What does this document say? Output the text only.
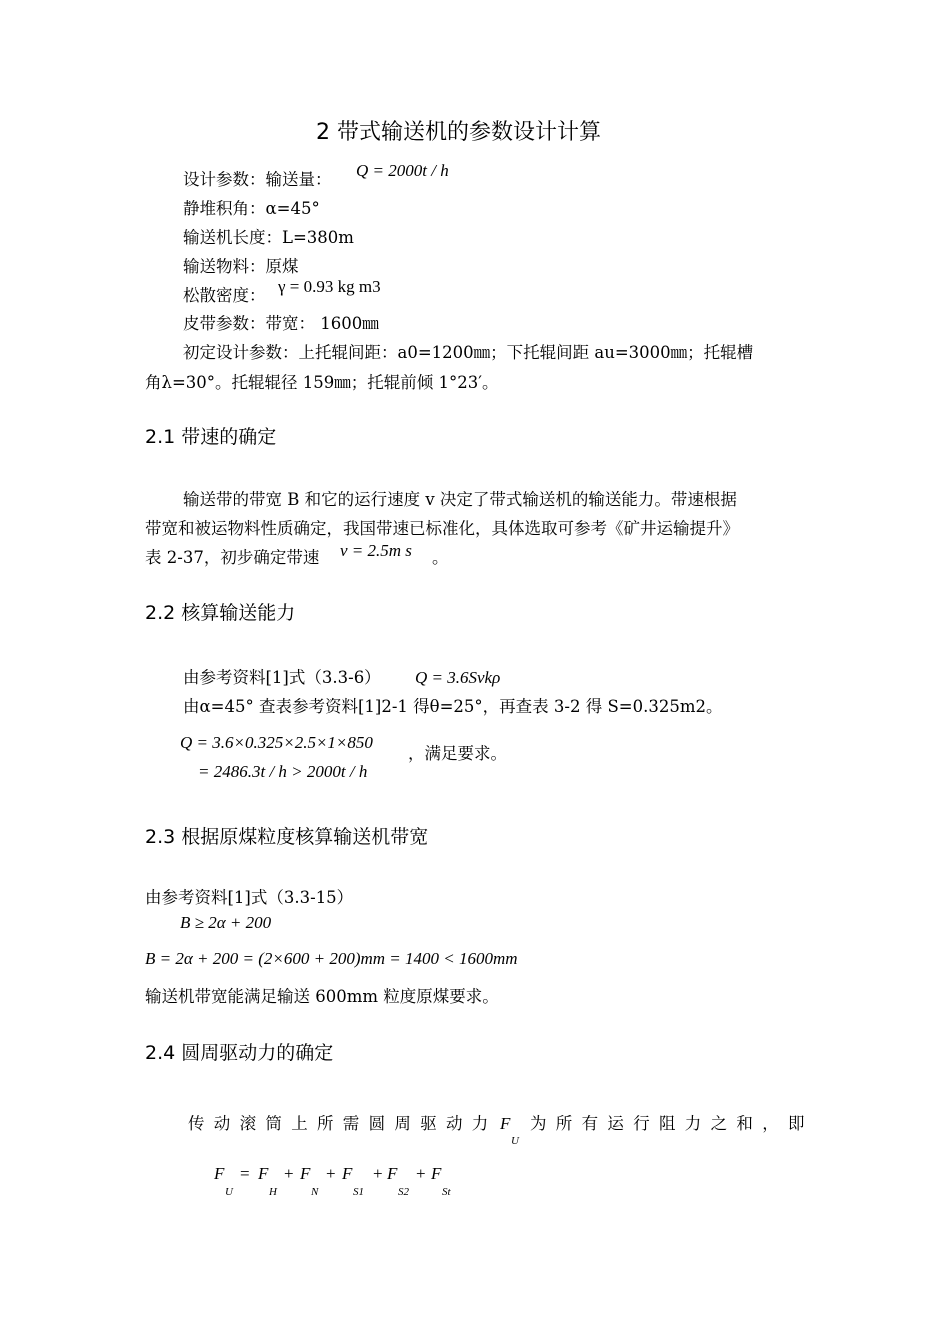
2 带式输送机的参数设计计算
设计参数：输送量： Q = 2000t / h
静堆积角：α=45°
输送机长度：L=380m
输送物料：原煤
松散密度： γ = 0.93 kg m3
皮带参数：带宽： 1600㎜
初定设计参数：上托辊间距：a0=1200㎜；下托辊间距 au=3000㎜；托辊槽
角λ=30°。托辊辊径 159㎜；托辊前倾 1°23′。
2.1 带速的确定
输送带的带宽 B 和它的运行速度 v 决定了带式输送机的输送能力。带速根据
带宽和被运物料性质确定，我国带速已标准化，具体选取可参考《矿井运输提升》
表 2-37，初步确定带速 ν = 2.5m s 。
2.2 核算输送能力
由参考资料[1]式（3.3-6） Q = 3.6Svkρ
由α=45° 查表参考资料[1]2-1 得θ=25°，再查表 3-2 得 S=0.325m2。
Q = 3.6×0.325×2.5×1×850
= 2486.3t / h > 2000t / h
，满足要求。
2.3 根据原煤粒度核算输送机带宽
由参考资料[1]式（3.3-15）
B ≥ 2α + 200
B = 2α + 200 = (2×600 + 200)mm = 1400 < 1600mm
输送机带宽能满足输送 600mm 粒度原煤要求。
2.4 圆周驱动力的确定
传动滚筒上所需圆周驱动力 F
U
为所有运行阻力之和，即
F
U
= F
H
+ F
N
+ F
S1
+ F
S2
+ F
St
